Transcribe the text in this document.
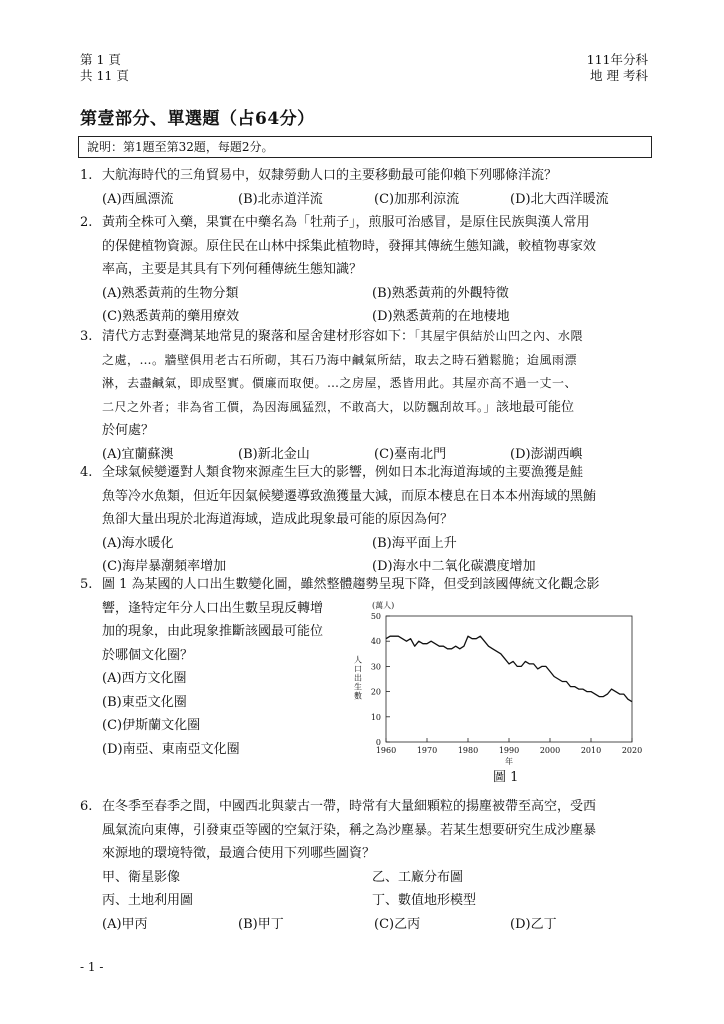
第 1 頁
共 11 頁
111年分科
地 理 考科
第壹部分、單選題（占64分）
說明：第1題至第32題，每題2分。
1. 大航海時代的三角貿易中，奴隸勞動人口的主要移動最可能仰賴下列哪條洋流？
(A)西風漂流	(B)北赤道洋流	(C)加那利涼流	(D)北大西洋暖流
2. 黃荊全株可入藥，果實在中藥名為「牡荊子」，煎服可治感冒，是原住民族與漢人常用
的保健植物資源。原住民在山林中採集此植物時，發揮其傳統生態知識，較植物專家效
率高，主要是其具有下列何種傳統生態知識？
(A)熟悉黃荊的生物分類	(B)熟悉黃荊的外觀特徵
(C)熟悉黃荊的藥用療效	(D)熟悉黃荊的在地棲地
3. 清代方志對臺灣某地常見的聚落和屋舍建材形容如下：「其屋宇俱結於山凹之內、水隈
之處，…。牆壁俱用老古石所砌，其石乃海中鹹氣所結，取去之時石猶鬆脆；迨風雨漂
淋，去盡鹹氣，即成堅實。價廉而取便。…之房屋，悉皆用此。其屋亦高不過一丈一、
二尺之外者；非為省工價，為因海風猛烈，不敢高大，以防飄刮故耳。」該地最可能位
於何處？
(A)宜蘭蘇澳	(B)新北金山	(C)臺南北門	(D)澎湖西嶼
4. 全球氣候變遷對人類食物來源產生巨大的影響，例如日本北海道海域的主要漁獲是鮭
魚等冷水魚類，但近年因氣候變遷導致漁獲量大減，而原本棲息在日本本州海域的黑鮪
魚卻大量出現於北海道海域，造成此現象最可能的原因為何？
(A)海水暖化	(B)海平面上升
(C)海岸暴潮頻率增加	(D)海水中二氧化碳濃度增加
5. 圖 1 為某國的人口出生數變化圖，雖然整體趨勢呈現下降，但受到該國傳統文化觀念影
響，逢特定年分人口出生數呈現反轉增
加的現象，由此現象推斷該國最可能位
於哪個文化圈？
(A)西方文化圈
(B)東亞文化圈
(C)伊斯蘭文化圈
(D)南亞、東南亞文化圈	0
10
20
30
40
50
1960	1970	1980	1990	2000	2010	2020
(萬人)
年
人
口
出
生
數
圖 1
6. 在冬季至春季之間，中國西北與蒙古一帶，時常有大量細顆粒的揚塵被帶至高空，受西
風氣流向東傳，引發東亞等國的空氣汙染，稱之為沙塵暴。若某生想要研究生成沙塵暴
來源地的環境特徵，最適合使用下列哪些圖資？
甲、衛星影像	乙、工廠分布圖
丙、土地利用圖	丁、數值地形模型
(A)甲丙	(B)甲丁	(C)乙丙	(D)乙丁
- 1 -
